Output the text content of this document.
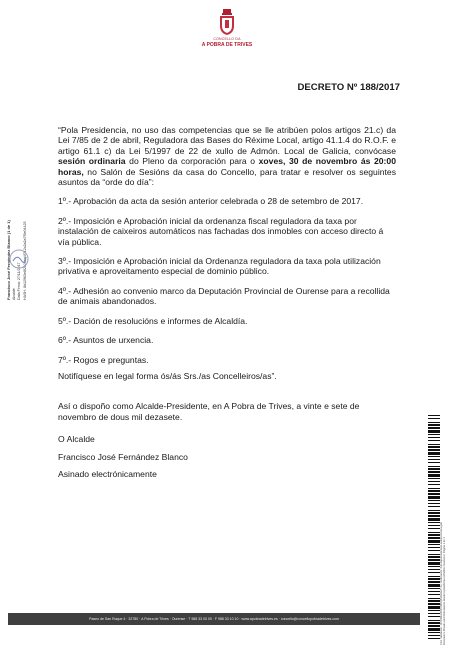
CONCELLO DA
A POBRA DE TRIVES
Francisco José Fernández Blanco (1 de 1) Alcalde Data Firma: 27/11/2017 HASH: 8b12963e8f2c20ea4f712c2a2a7f5e04425
DECRETO Nº 188/2017

“Pola Presidencia, no uso das competencias que se lle atribúen polos artigos 21.c) da Lei 7/85 de 2 de abril, Reguladora das Bases do Réxime Local, artigo 41.1.4 do R.O.F. e artigo 61.1 c) da Lei 5/1997 de 22 de xullo de Admón. Local de Galicia, convócase sesión ordinaria do Pleno da corporación para o xoves, 30 de novembro ás 20:00 horas, no Salón de Sesións da casa do Concello, para tratar e resolver os seguintes asuntos da “orde do día”:

1º.- Aprobación da acta da sesión anterior celebrada o 28 de setembro de 2017.

2º.- Imposición e Aprobación inicial da ordenanza fiscal reguladora da taxa por instalación de caixeiros automáticos nas fachadas dos inmobles con acceso directo á vía pública.

3º.- Imposición e Aprobación inicial da Ordenanza reguladora da taxa pola utilización privativa e aproveitamento especial de dominio público.

4º.- Adhesión ao convenio marco da Deputación Provincial de Ourense para a recollida de animais abandonados.

5º.- Dación de resolucións e informes de Alcaldía.

6º.- Asuntos de urxencia.

7º.- Rogos e preguntas.

Notifíquese en legal forma ós/ás Srs./as Concelleiros/as”.

Así o dispoño como Alcalde-Presidente, en A Pobra de Trives, a vinte e sete de novembro de dous mil dezasete.

O Alcalde

Francisco José Fernández Blanco

Asinado electrónicamente

Cód. Validación: JR7F99H2F9PC965Q5NDHALT7G | Verificación: http://apobradetrives.sedelectronica.gal/ Documento firmado electrónicamente desde la plataforma esPublico Gestiona | Página 1 de 1
Paseo de San Roque 4 · 32780 · A Pobra de Trives · Ourense · T 988 33 00 00 · F 988 33 10 10 · www.apobradetrives.es · concello@concellopobradetrives.com
